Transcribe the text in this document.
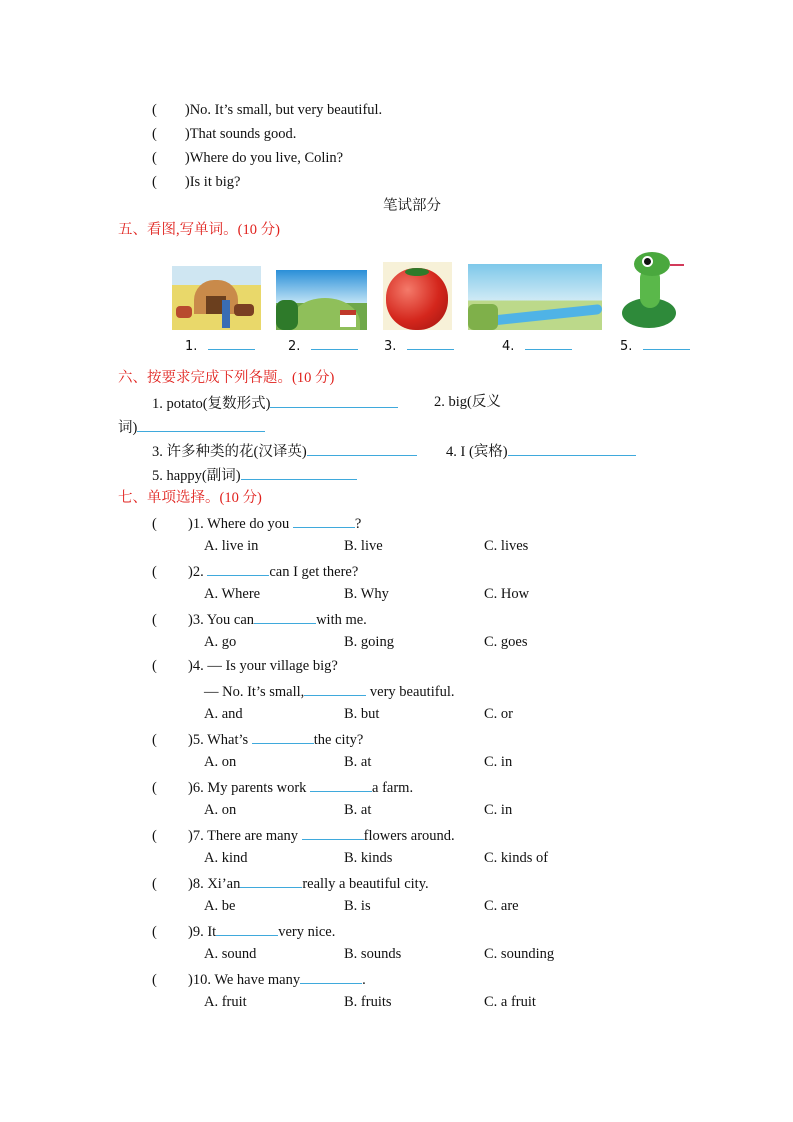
( )No. It’s small, but very beautiful.
( )That sounds good.
( )Where do you live, Colin?
( )Is it big?
笔试部分
五、看图,写单词。(10 分)
1.	2.	3.	4.	5.
六、按要求完成下列各题。(10 分)
1. potato(复数形式)	2. big(反义
词)
3. 许多种类的花(汉译英)	4. I (宾格)
5. happy(副词)
七、单项选择。(10 分)
( )1. Where do you	?
A. live in	B. live	C. lives
( )2.	can I get there?
A. Where	B. Why	C. How
( )3. You can	with me.
A. go	B. going	C. goes
( )4. — Is your village big?
— No. It’s small,	very beautiful.
A. and	B. but	C. or
( )5. What’s	the city?
A. on	B. at	C. in
( )6. My parents work	a farm.
A. on	B. at	C. in
( )7. There are many	flowers around.
A. kind	B. kinds	C. kinds of
( )8. Xi’an	really a beautiful city.
A. be	B. is	C. are
( )9. It	very nice.
A. sound	B. sounds	C. sounding
( )10. We have many	.
A. fruit	B. fruits	C. a fruit
